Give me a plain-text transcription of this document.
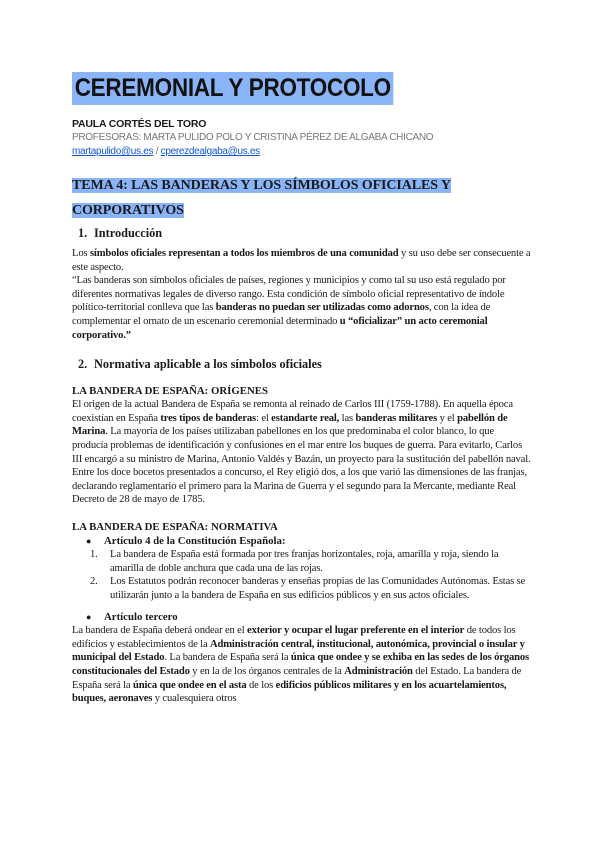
CEREMONIAL Y PROTOCOLO
PAULA CORTÉS DEL TORO
PROFESORAS: MARTA PULIDO POLO Y CRISTINA PÉREZ DE ALGABA CHICANO
martapulido@us.es / cperezdealgaba@us.es
TEMA 4: LAS BANDERAS Y LOS SÍMBOLOS OFICIALES Y
CORPORATIVOS
1. Introducción

Los símbolos oficiales representan a todos los miembros de una comunidad y su uso debe ser consecuente a este aspecto.

“Las banderas son símbolos oficiales de países, regiones y municipios y como tal su uso está regulado por diferentes normativas legales de diverso rango. Esta condición de símbolo oficial representativo de índole político-territorial conlleva que las banderas no puedan ser utilizadas como adornos, con la idea de complementar el ornato de un escenario ceremonial determinado u “oficializar” un acto ceremonial corporativo.”

2. Normativa aplicable a los símbolos oficiales
LA BANDERA DE ESPAÑA: ORÍGENES

El origen de la actual Bandera de España se remonta al reinado de Carlos III (1759-1788). En aquella época coexistían en España tres tipos de banderas: el estandarte real, las banderas militares y el pabellón de Marina. La mayoría de los países utilizaban pabellones en los que predominaba el color blanco, lo que producía problemas de identificación y confusiones en el mar entre los buques de guerra. Para evitarlo, Carlos III encargó a su ministro de Marina, Antonio Valdés y Bazán, un proyecto para la sustitución del pabellón naval. Entre los doce bocetos presentados a concurso, el Rey eligió dos, a los que varió las dimensiones de las franjas, declarando reglamentario el primero para la Marina de Guerra y el segundo para la Mercante, mediante Real Decreto de 28 de mayo de 1785.

LA BANDERA DE ESPAÑA: NORMATIVA
● Artículo 4 de la Constitución Española:
1. La bandera de España está formada por tres franjas horizontales, roja, amarilla y roja, siendo la amarilla de doble anchura que cada una de las rojas.
2. Los Estatutos podrán reconocer banderas y enseñas propias de las Comunidades Autónomas. Estas se utilizarán junto a la bandera de España en sus edificios públicos y en sus actos oficiales.
● Artículo tercero

La bandera de España deberá ondear en el exterior y ocupar el lugar preferente en el interior de todos los edificios y establecimientos de la Administración central, institucional, autonómica, provincial o insular y municipal del Estado. La bandera de España será la única que ondee y se exhiba en las sedes de los órganos constitucionales del Estado y en la de los órganos centrales de la Administración del Estado. La bandera de España será la única que ondee en el asta de los edificios públicos militares y en los acuartelamientos, buques, aeronaves y cualesquiera otros
